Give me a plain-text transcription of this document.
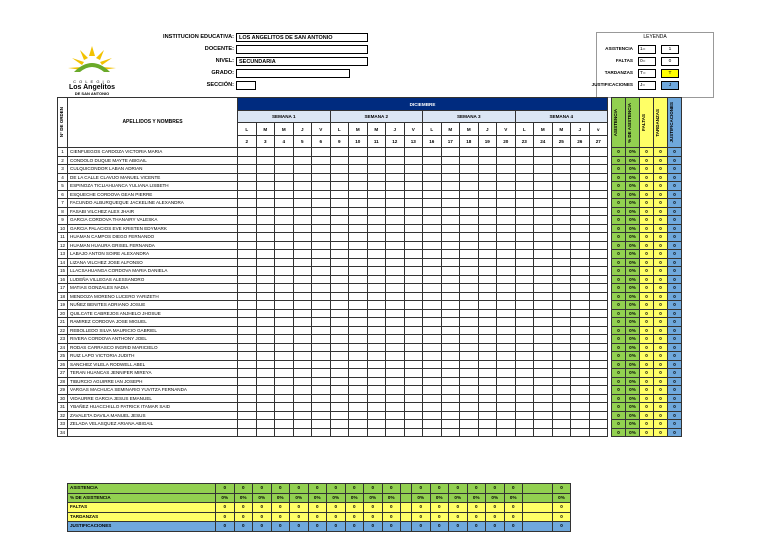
C O L E G I O
Los Angelitos
DE SAN ANTONIO
INSTITUCION EDUCATIVA: LOS ANGELITOS DE SAN ANTONIO
DOCENTE:
NIVEL: SECUNDARIA
GRADO:
SECCIÓN:
LEYENDA
ASISTENCIA	1=	1
FALTAS	0=	0
TARDANZAS	T=	T
JUSTIFICACIONES	J=	J
N° DE ORDEN	APELLIDOS Y NOMBRES	DICIEMBRE																					ASISTENCIA	% DE ASISTENCIA	FALTAS	TARDANZAS	JUSTIFICACIONES

		SEMANA 1					SEMANA 2					SEMANA 3					SEMANA 4										
		L	M	M	J	V	L	M	M	J	V	L	M	M	J	V	L	M	M	J	v						
		2	3	4	5	6	9	10	11	12	13	16	17	18	19	20	23	24	25	26	27						
1	CIENFUEGOS CARDOZA VICTORIA MARIA																						0	0%	0	0	0
2	CONDOLO DUQUE MAYTE ABIGAIL																						0	0%	0	0	0
3	CULQUICONDOR LABAN ADRIAN																						0	0%	0	0	0
4	DE LA CALLE CLAVIJO MANUEL VICENTE																						0	0%	0	0	0
5	ESPINOZA TICLIAHUANCA YULIANA LISBETH																						0	0%	0	0	0
6	ESQUECHE CORDOVA GEAN PIERRE																						0	0%	0	0	0
7	FACUNDO ALBURQUEQUE JACKELINE ALEXANDRA																						0	0%	0	0	0
8	FASABI VILCHEZ ALEX JHAIR																						0	0%	0	0	0
9	GARCIA CORDOVA THANAIRY VALESKA																						0	0%	0	0	0
10	GARCIA PALACIOS EVE KRISTEN EDYMARK																						0	0%	0	0	0
11	HUAMAN CAMPOS DIEGO FERNANDO																						0	0%	0	0	0
12	HUAMAN HUAURA GRISEL FERNANDA																						0	0%	0	0	0
13	LABAJO ANTON SOIRE ALEXANDRA																						0	0%	0	0	0
14	LIZANA VILCHEZ JOSE ALFONSO																						0	0%	0	0	0
15	LLACSAHUANGA CORDOVA MARIA DANIELA																						0	0%	0	0	0
16	LUDEÑA VILLEGAS ALESSANDRO																						0	0%	0	0	0
17	MATIAS GONZALES NADIA																						0	0%	0	0	0
18	MENDOZA MORENO LUCERO YARIZETH																						0	0%	0	0	0
19	NUÑEZ BENITES ADRIANO JOSUE																						0	0%	0	0	0
20	QUILCATE CABREJOS ANJHELO JHOSUE																						0	0%	0	0	0
21	RAMIREZ CORDOVA JOSE MIGUEL																						0	0%	0	0	0
22	REBOLLEDO SILVA MAURICIO GABRIEL																						0	0%	0	0	0
23	RIVERA CORDOVA ANTHONY JOEL																						0	0%	0	0	0
24	RODAS CARRASCO INGRID MARICIELO																						0	0%	0	0	0
25	RUIZ LAPO VICTORIA JUDITH																						0	0%	0	0	0
26	SANCHEZ VILELA RODWELL ABEL																						0	0%	0	0	0
27	TERAN HUANCAS JENNIFER MIREYA																						0	0%	0	0	0
28	TIBURCIO AGUIRRE IAN JOSEPH																						0	0%	0	0	0
29	VARGAS MACHUCA SEMINARIO YUVITZA FERNANDA																						0	0%	0	0	0
30	VIDAURRE GARCIA JESUS EMANUEL																						0	0%	0	0	0
31	YBAÑEZ HUACCHILLO PATRICK ITAMAR SAID																						0	0%	0	0	0
32	ZAVALETA DAVILA MANUEL JESUS																						0	0%	0	0	0
33	ZELADA VELASQUEZ ARIANA ABIGAIL																						0	0%	0	0	0
34																							0	0%	0	0	0
ASISTENCIA	0	0	0	0	0	0	0	0	0	0		0	0	0	0	0	0		0
% DE ASISTENCIA	0%	0%	0%	0%	0%	0%	0%	0%	0%	0%		0%	0%	0%	0%	0%	0%		0%
FALTAS	0	0	0	0	0	0	0	0	0	0		0	0	0	0	0	0		0
TARDANZAS	0	0	0	0	0	0	0	0	0	0		0	0	0	0	0	0		0
JUSTIFICACIONES	0	0	0	0	0	0	0	0	0	0		0	0	0	0	0	0		0
